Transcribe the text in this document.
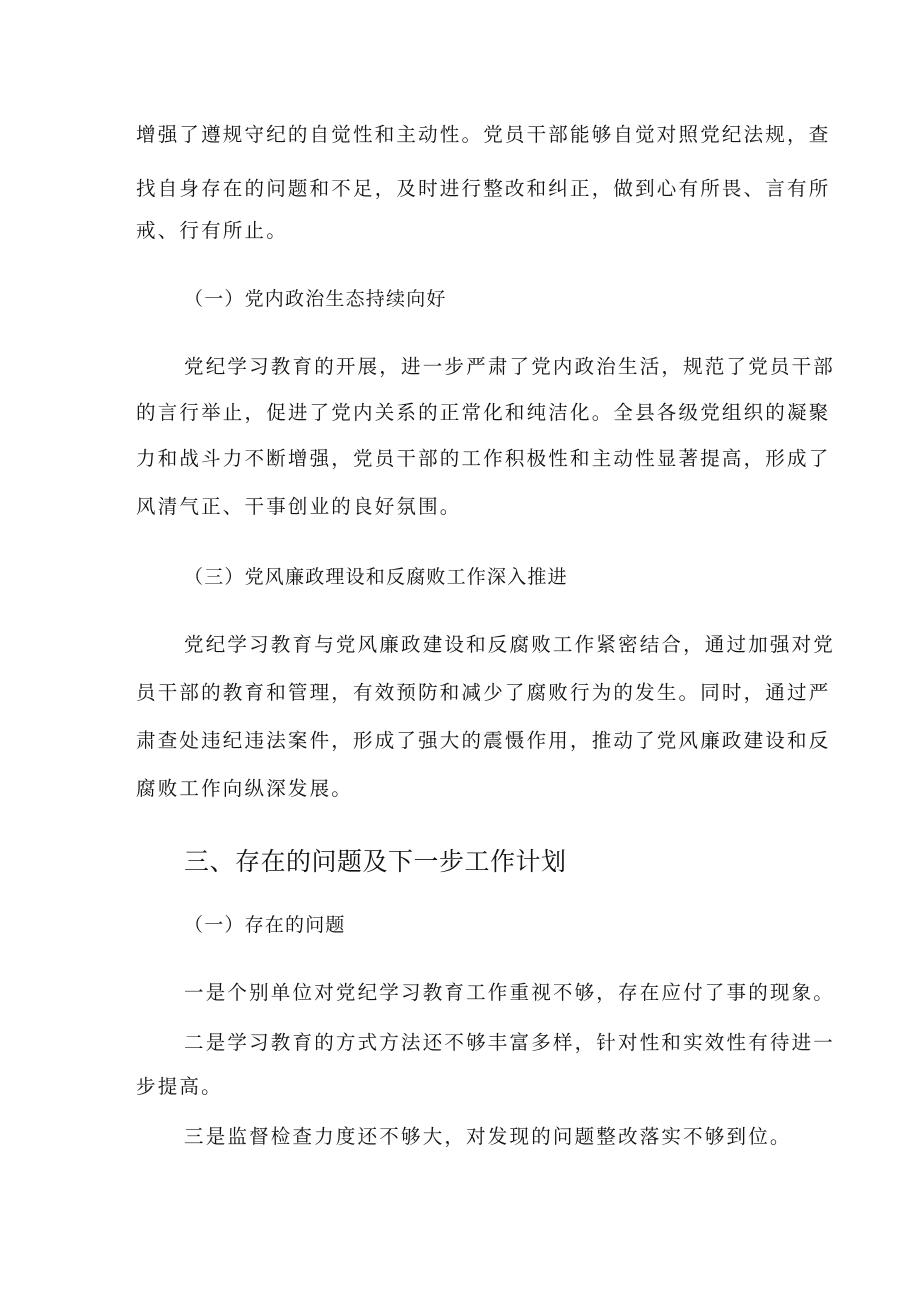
增强了遵规守纪的自觉性和主动性。党员干部能够自觉对照党纪法规，查
找自身存在的问题和不足，及时进行整改和纠正，做到心有所畏、言有所
戒、行有所止。
（一）党内政治生态持续向好
党纪学习教育的开展，进一步严肃了党内政治生活，规范了党员干部
的言行举止，促进了党内关系的正常化和纯洁化。全县各级党组织的凝聚
力和战斗力不断增强，党员干部的工作积极性和主动性显著提高，形成了
风清气正、干事创业的良好氛围。
（三）党风廉政理设和反腐败工作深入推进
党纪学习教育与党风廉政建设和反腐败工作紧密结合，通过加强对党
员干部的教育和管理，有效预防和减少了腐败行为的发生。同时，通过严
肃查处违纪违法案件，形成了强大的震慑作用，推动了党风廉政建设和反
腐败工作向纵深发展。
三、存在的问题及下一步工作计划
（一）存在的问题
一是个别单位对党纪学习教育工作重视不够，存在应付了事的现象。
二是学习教育的方式方法还不够丰富多样，针对性和实效性有待进一
步提高。
三是监督检查力度还不够大，对发现的问题整改落实不够到位。
